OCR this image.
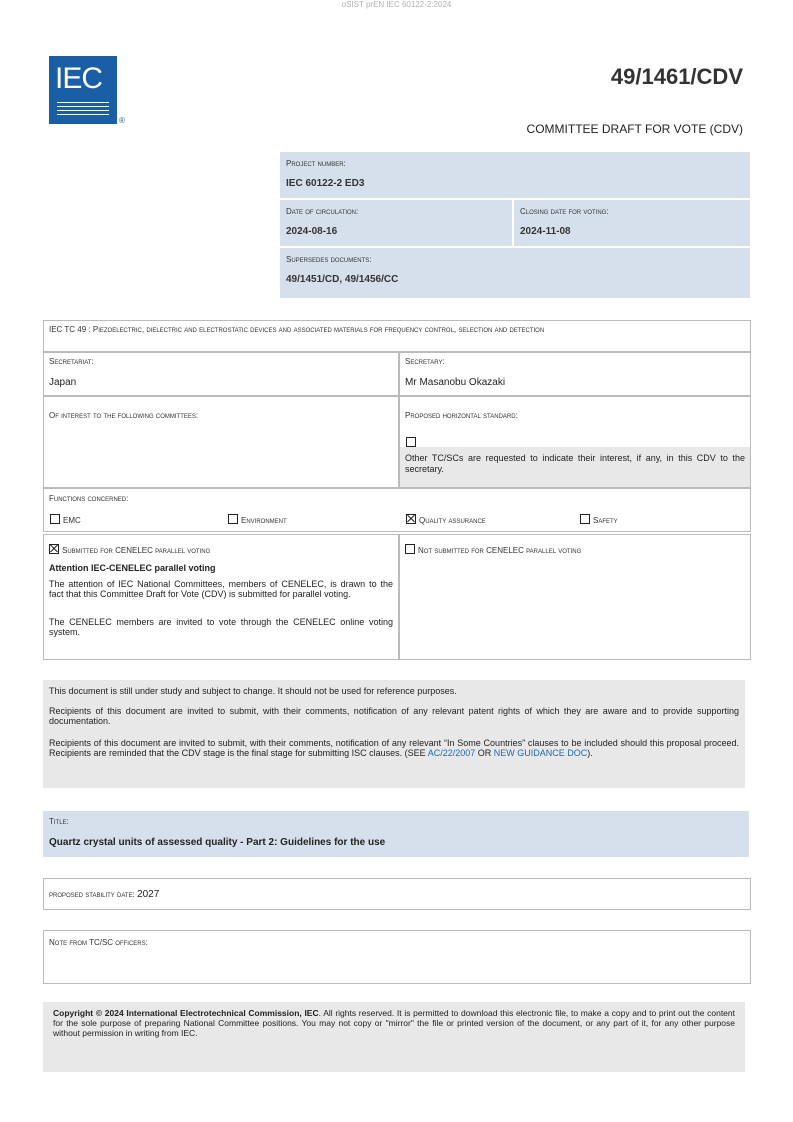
oSIST prEN IEC 60122-2:2024
IEC
®
49/1461/CDV
COMMITTEE DRAFT FOR VOTE (CDV)
Project number:
IEC 60122-2 ED3
Date of circulation:
2024-08-16
Closing date for voting:
2024-11-08
Supersedes documents:
49/1451/CD, 49/1456/CC
IEC TC 49 : Piezoelectric, dielectric and electrostatic devices and associated materials for frequency control, selection and detection
Secretariat:
Japan
Secretary:
Mr Masanobu Okazaki
Of interest to the following committees:	Proposed horizontal standard:
Other TC/SCs are requested to indicate their interest, if any, in this CDV to the secretary.
Functions concerned:
EMC	Environment	Quality assurance	Safety
Submitted for CENELEC parallel voting
Attention IEC-CENELEC parallel voting
The attention of IEC National Committees, members of CENELEC, is drawn to the fact that this Committee Draft for Vote (CDV) is submitted for parallel voting.
The CENELEC members are invited to vote through the CENELEC online voting system.
Not submitted for CENELEC parallel voting

This document is still under study and subject to change. It should not be used for reference purposes.

Recipients of this document are invited to submit, with their comments, notification of any relevant patent rights of which they are aware and to provide supporting documentation.

Recipients of this document are invited to submit, with their comments, notification of any relevant “In Some Countries” clauses to be included should this proposal proceed. Recipients are reminded that the CDV stage is the final stage for submitting ISC clauses. (SEE AC/22/2007 OR NEW GUIDANCE DOC).

Title:
Quartz crystal units of assessed quality - Part 2: Guidelines for the use
proposed stability date: 2027
Note from TC/SC officers:

Copyright © 2024 International Electrotechnical Commission, IEC. All rights reserved. It is permitted to download this electronic file, to make a copy and to print out the content for the sole purpose of preparing National Committee positions. You may not copy or "mirror" the file or printed version of the document, or any part of it, for any other purpose without permission in writing from IEC.
